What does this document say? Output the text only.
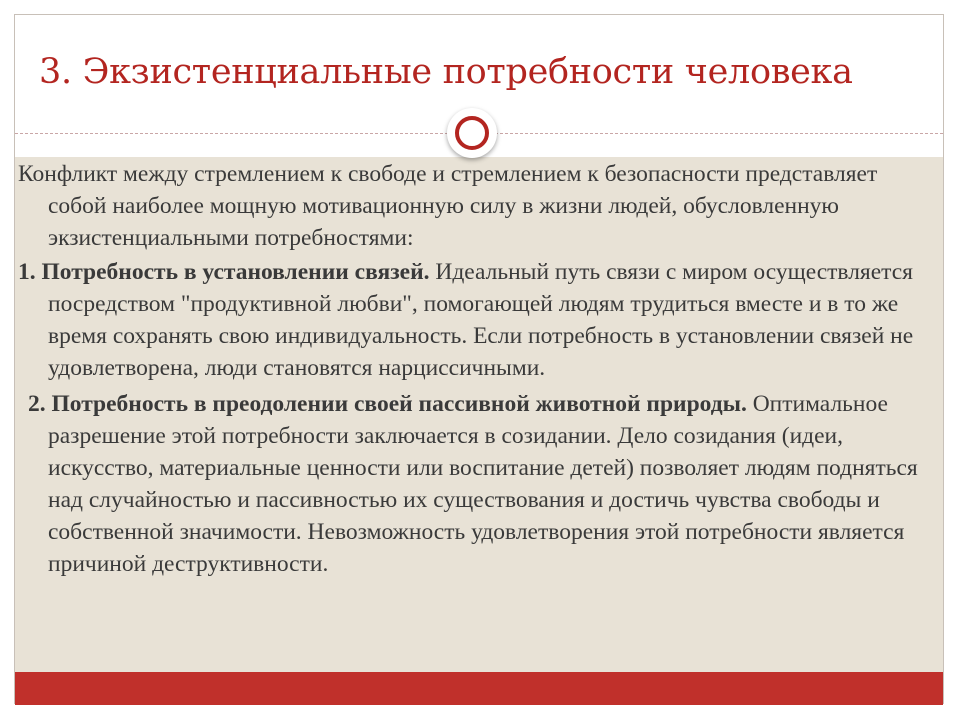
3. Экзистенциальные потребности человека

Конфликт между стремлением к свободе и стремлением к безопасности представляет собой наиболее мощную мотивационную силу в жизни людей, обусловленную экзистенциальными потребностями:

1. Потребность в установлении связей. Идеальный путь связи с миром осуществляется посредством "продуктивной любви", помогающей людям трудиться вместе и в то же время сохранять свою индивидуальность. Если потребность в установлении связей не удовлетворена, люди становятся нарциссичными.

2. Потребность в преодолении своей пассивной животной природы. Оптимальное разрешение этой потребности заключается в созидании. Дело созидания (идеи, искусство, материальные ценности или воспитание детей) позволяет людям подняться над случайностью и пассивностью их существования и достичь чувства свободы и собственной значимости. Невозможность удовлетворения этой потребности является причиной деструктивности.
